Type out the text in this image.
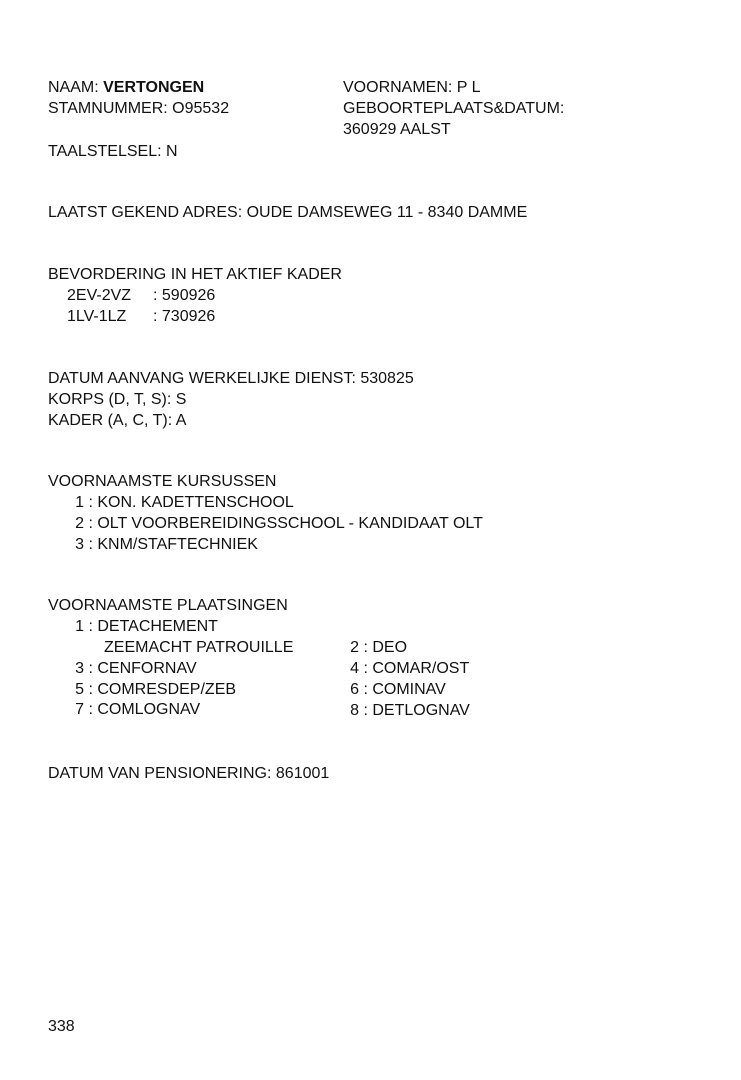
NAAM: VERTONGEN	VOORNAMEN: P L
STAMNUMMER: O95532	GEBOORTEPLAATS&DATUM:
360929 AALST
TAALSTELSEL: N
LAATST GEKEND ADRES: OUDE DAMSEWEG 11 - 8340 DAMME
BEVORDERING IN HET AKTIEF KADER
2EV-2VZ : 590926
1LV-1LZ : 730926
DATUM AANVANG WERKELIJKE DIENST: 530825
KORPS (D, T, S): S
KADER (A, C, T): A
VOORNAAMSTE KURSUSSEN
1 : KON. KADETTENSCHOOL
2 : OLT VOORBEREIDINGSSCHOOL - KANDIDAAT OLT
3 : KNM/STAFTECHNIEK
VOORNAAMSTE PLAATSINGEN
1 : DETACHEMENT
ZEEMACHT PATROUILLE	2 : DEO
3 : CENFORNAV	4 : COMAR/OST
5 : COMRESDEP/ZEB	6 : COMINAV
7 : COMLOGNAV	8 : DETLOGNAV
DATUM VAN PENSIONERING: 861001
338
